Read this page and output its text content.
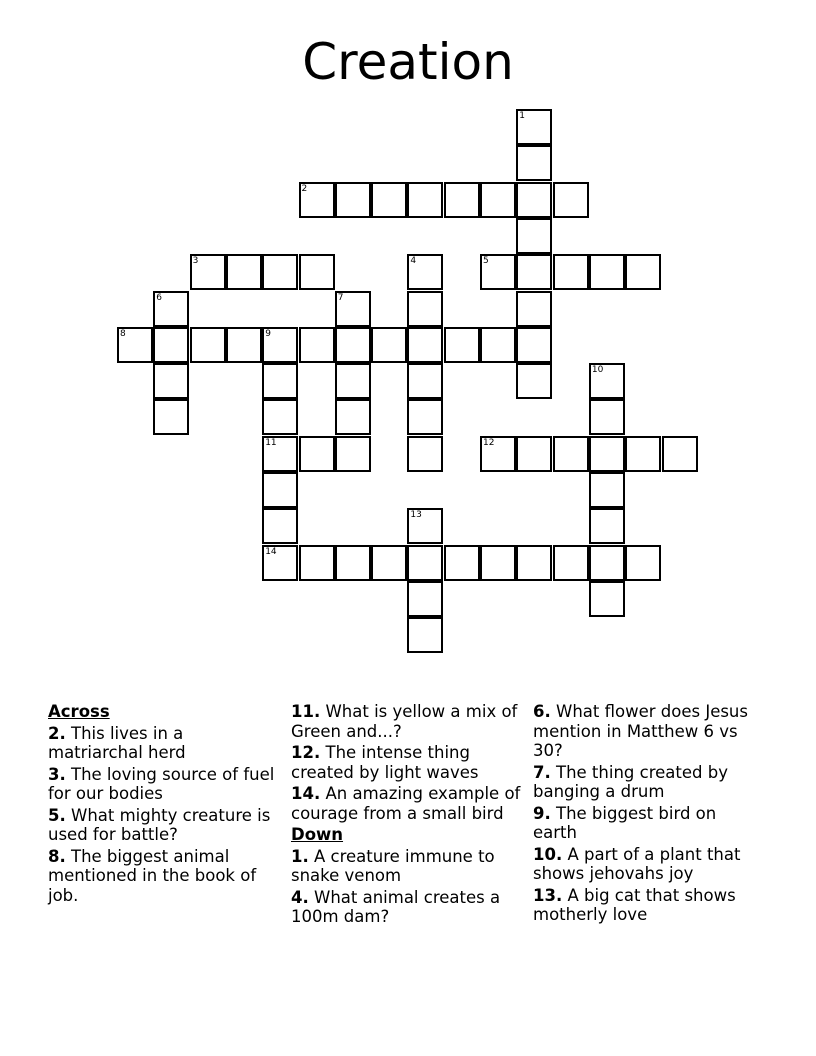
Creation
1
2
3	4	5
6	7
8	9
10
11	12
13
14
Across
2. This lives in a matriarchal herd
3. The loving source of fuel for our bodies
5. What mighty creature is used for battle?
8. The biggest animal mentioned in the book of job.
11. What is yellow a mix of Green and...?
12. The intense thing created by light waves
14. An amazing example of courage from a small bird
Down
1. A creature immune to snake venom
4. What animal creates a 100m dam?
6. What flower does Jesus mention in Matthew 6 vs 30?
7. The thing created by banging a drum
9. The biggest bird on earth
10. A part of a plant that shows jehovahs joy
13. A big cat that shows motherly love
